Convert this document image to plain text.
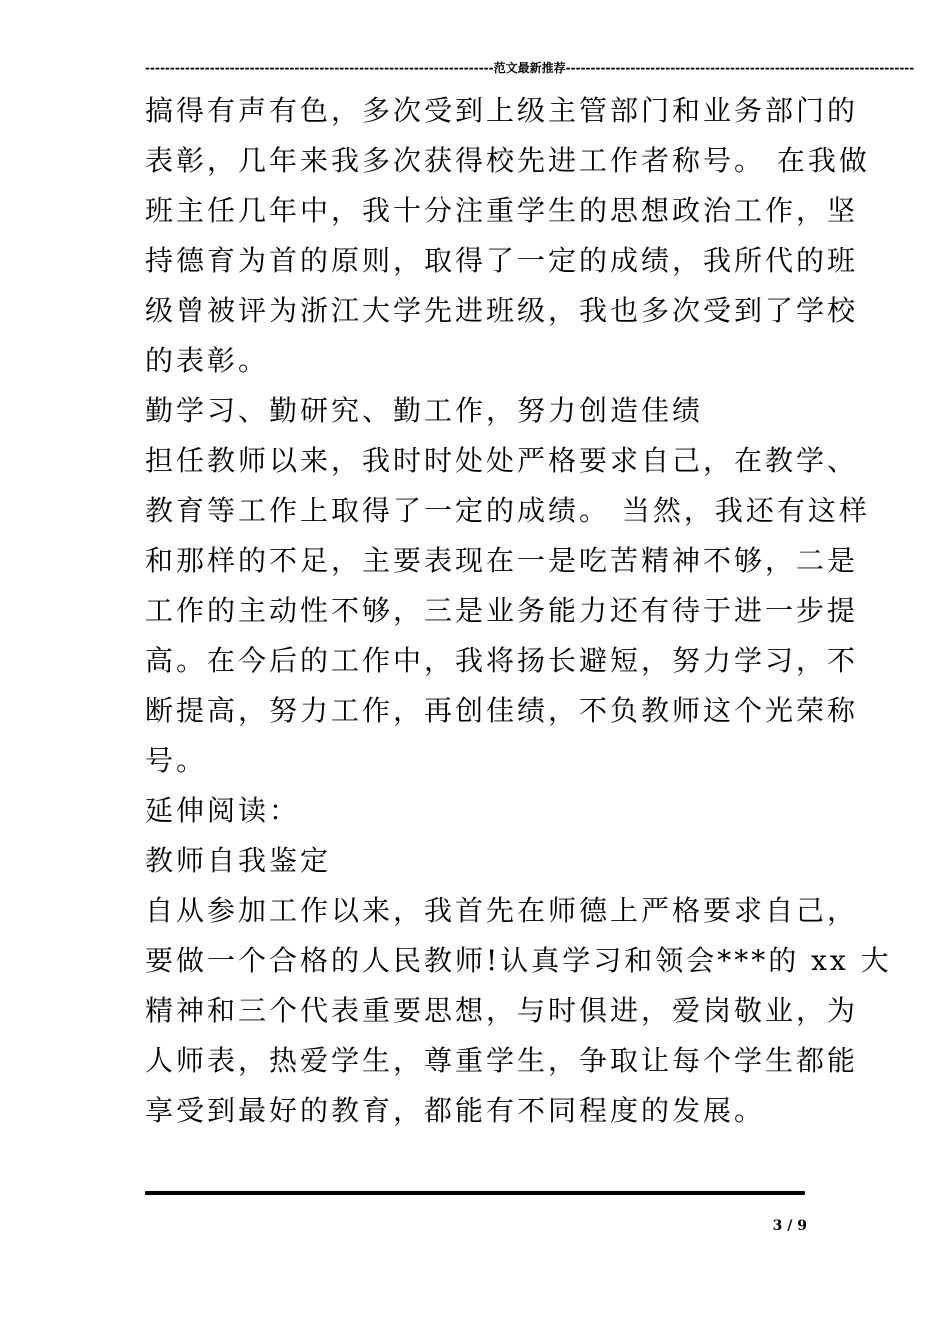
----------------------------------------------------------------------范文最新推荐----------------------------------------------------------------------

搞得有声有色，多次受到上级主管部门和业务部门的

表彰，几年来我多次获得校先进工作者称号。 在我做

班主任几年中，我十分注重学生的思想政治工作，坚

持德育为首的原则，取得了一定的成绩，我所代的班

级曾被评为浙江大学先进班级，我也多次受到了学校

的表彰。

勤学习、勤研究、勤工作，努力创造佳绩

担任教师以来，我时时处处严格要求自己，在教学、

教育等工作上取得了一定的成绩。 当然，我还有这样

和那样的不足，主要表现在一是吃苦精神不够，二是

工作的主动性不够，三是业务能力还有待于进一步提

高。在今后的工作中，我将扬长避短，努力学习，不

断提高，努力工作，再创佳绩，不负教师这个光荣称

号。

延伸阅读：

教师自我鉴定

自从参加工作以来，我首先在师德上严格要求自己，

要做一个合格的人民教师!认真学习和领会***的 xx 大

精神和三个代表重要思想，与时俱进，爱岗敬业，为

人师表，热爱学生，尊重学生，争取让每个学生都能

享受到最好的教育，都能有不同程度的发展。

3 / 9
